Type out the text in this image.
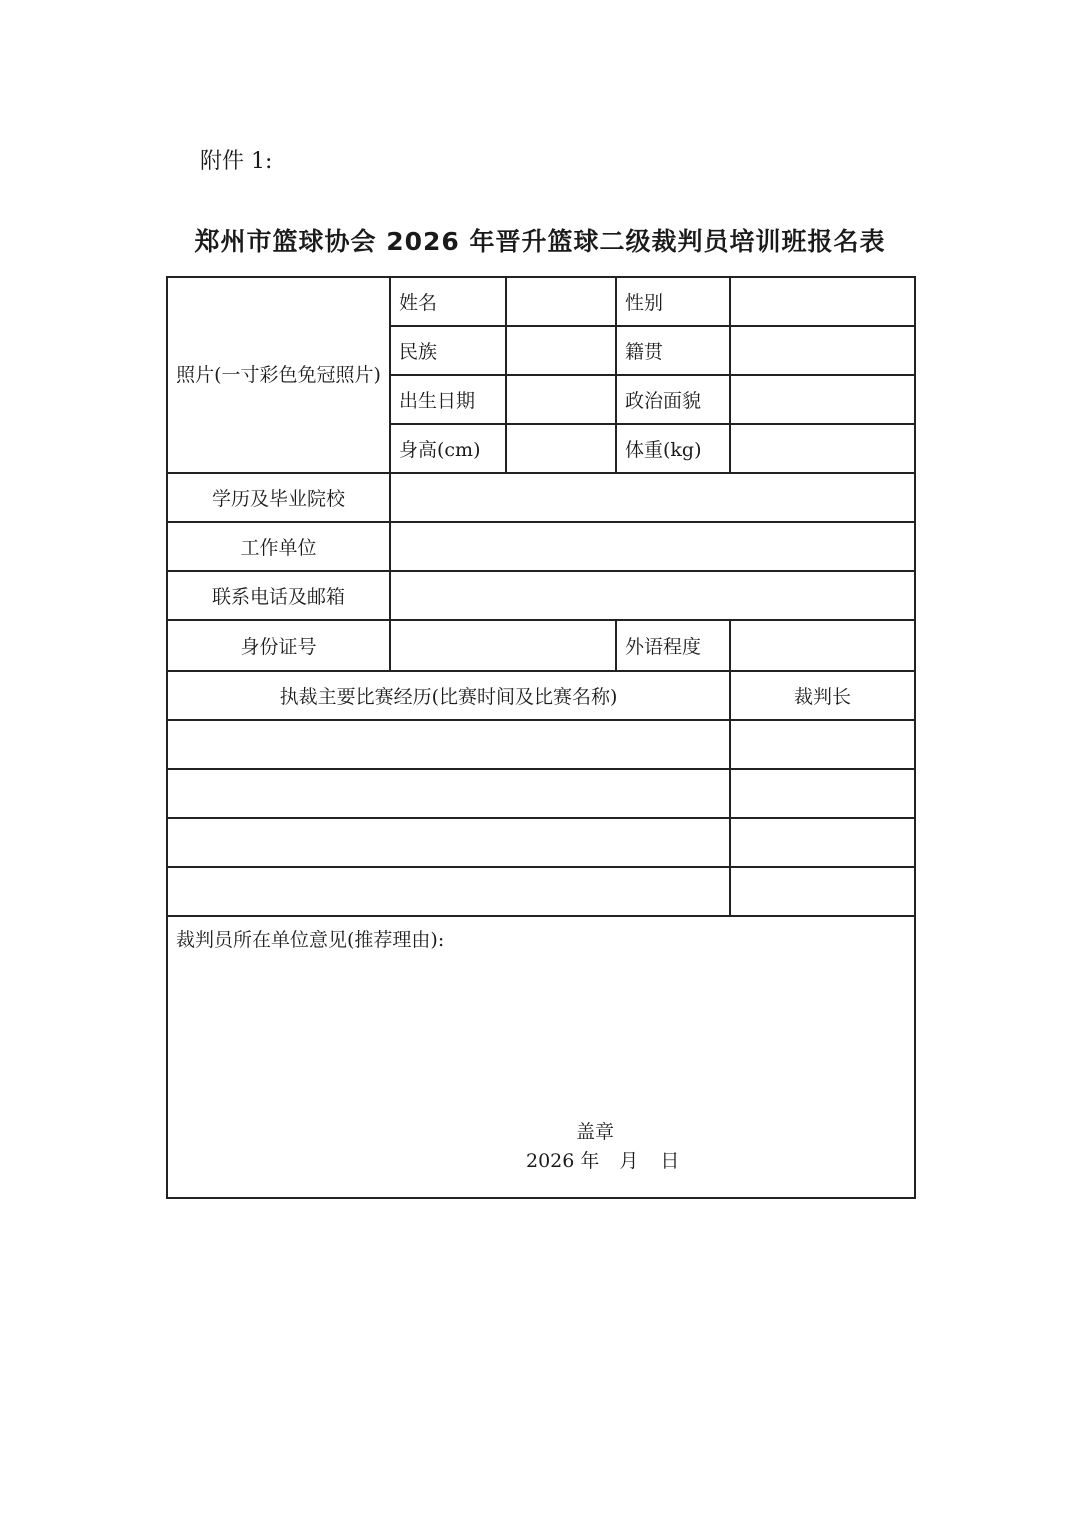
附件 1:
郑州市篮球协会 2026 年晋升篮球二级裁判员培训班报名表
照片(一寸彩色免冠照片)	姓名		性别	
	民族		籍贯	
	出生日期		政治面貌	
	身高(cm)		体重(kg)	
学历及毕业院校				
工作单位				
联系电话及邮箱				
身份证号			外语程度	
执裁主要比赛经历(比赛时间及比赛名称)				裁判长

裁判员所在单位意见(推荐理由):
盖章
2026 年 月 日				
